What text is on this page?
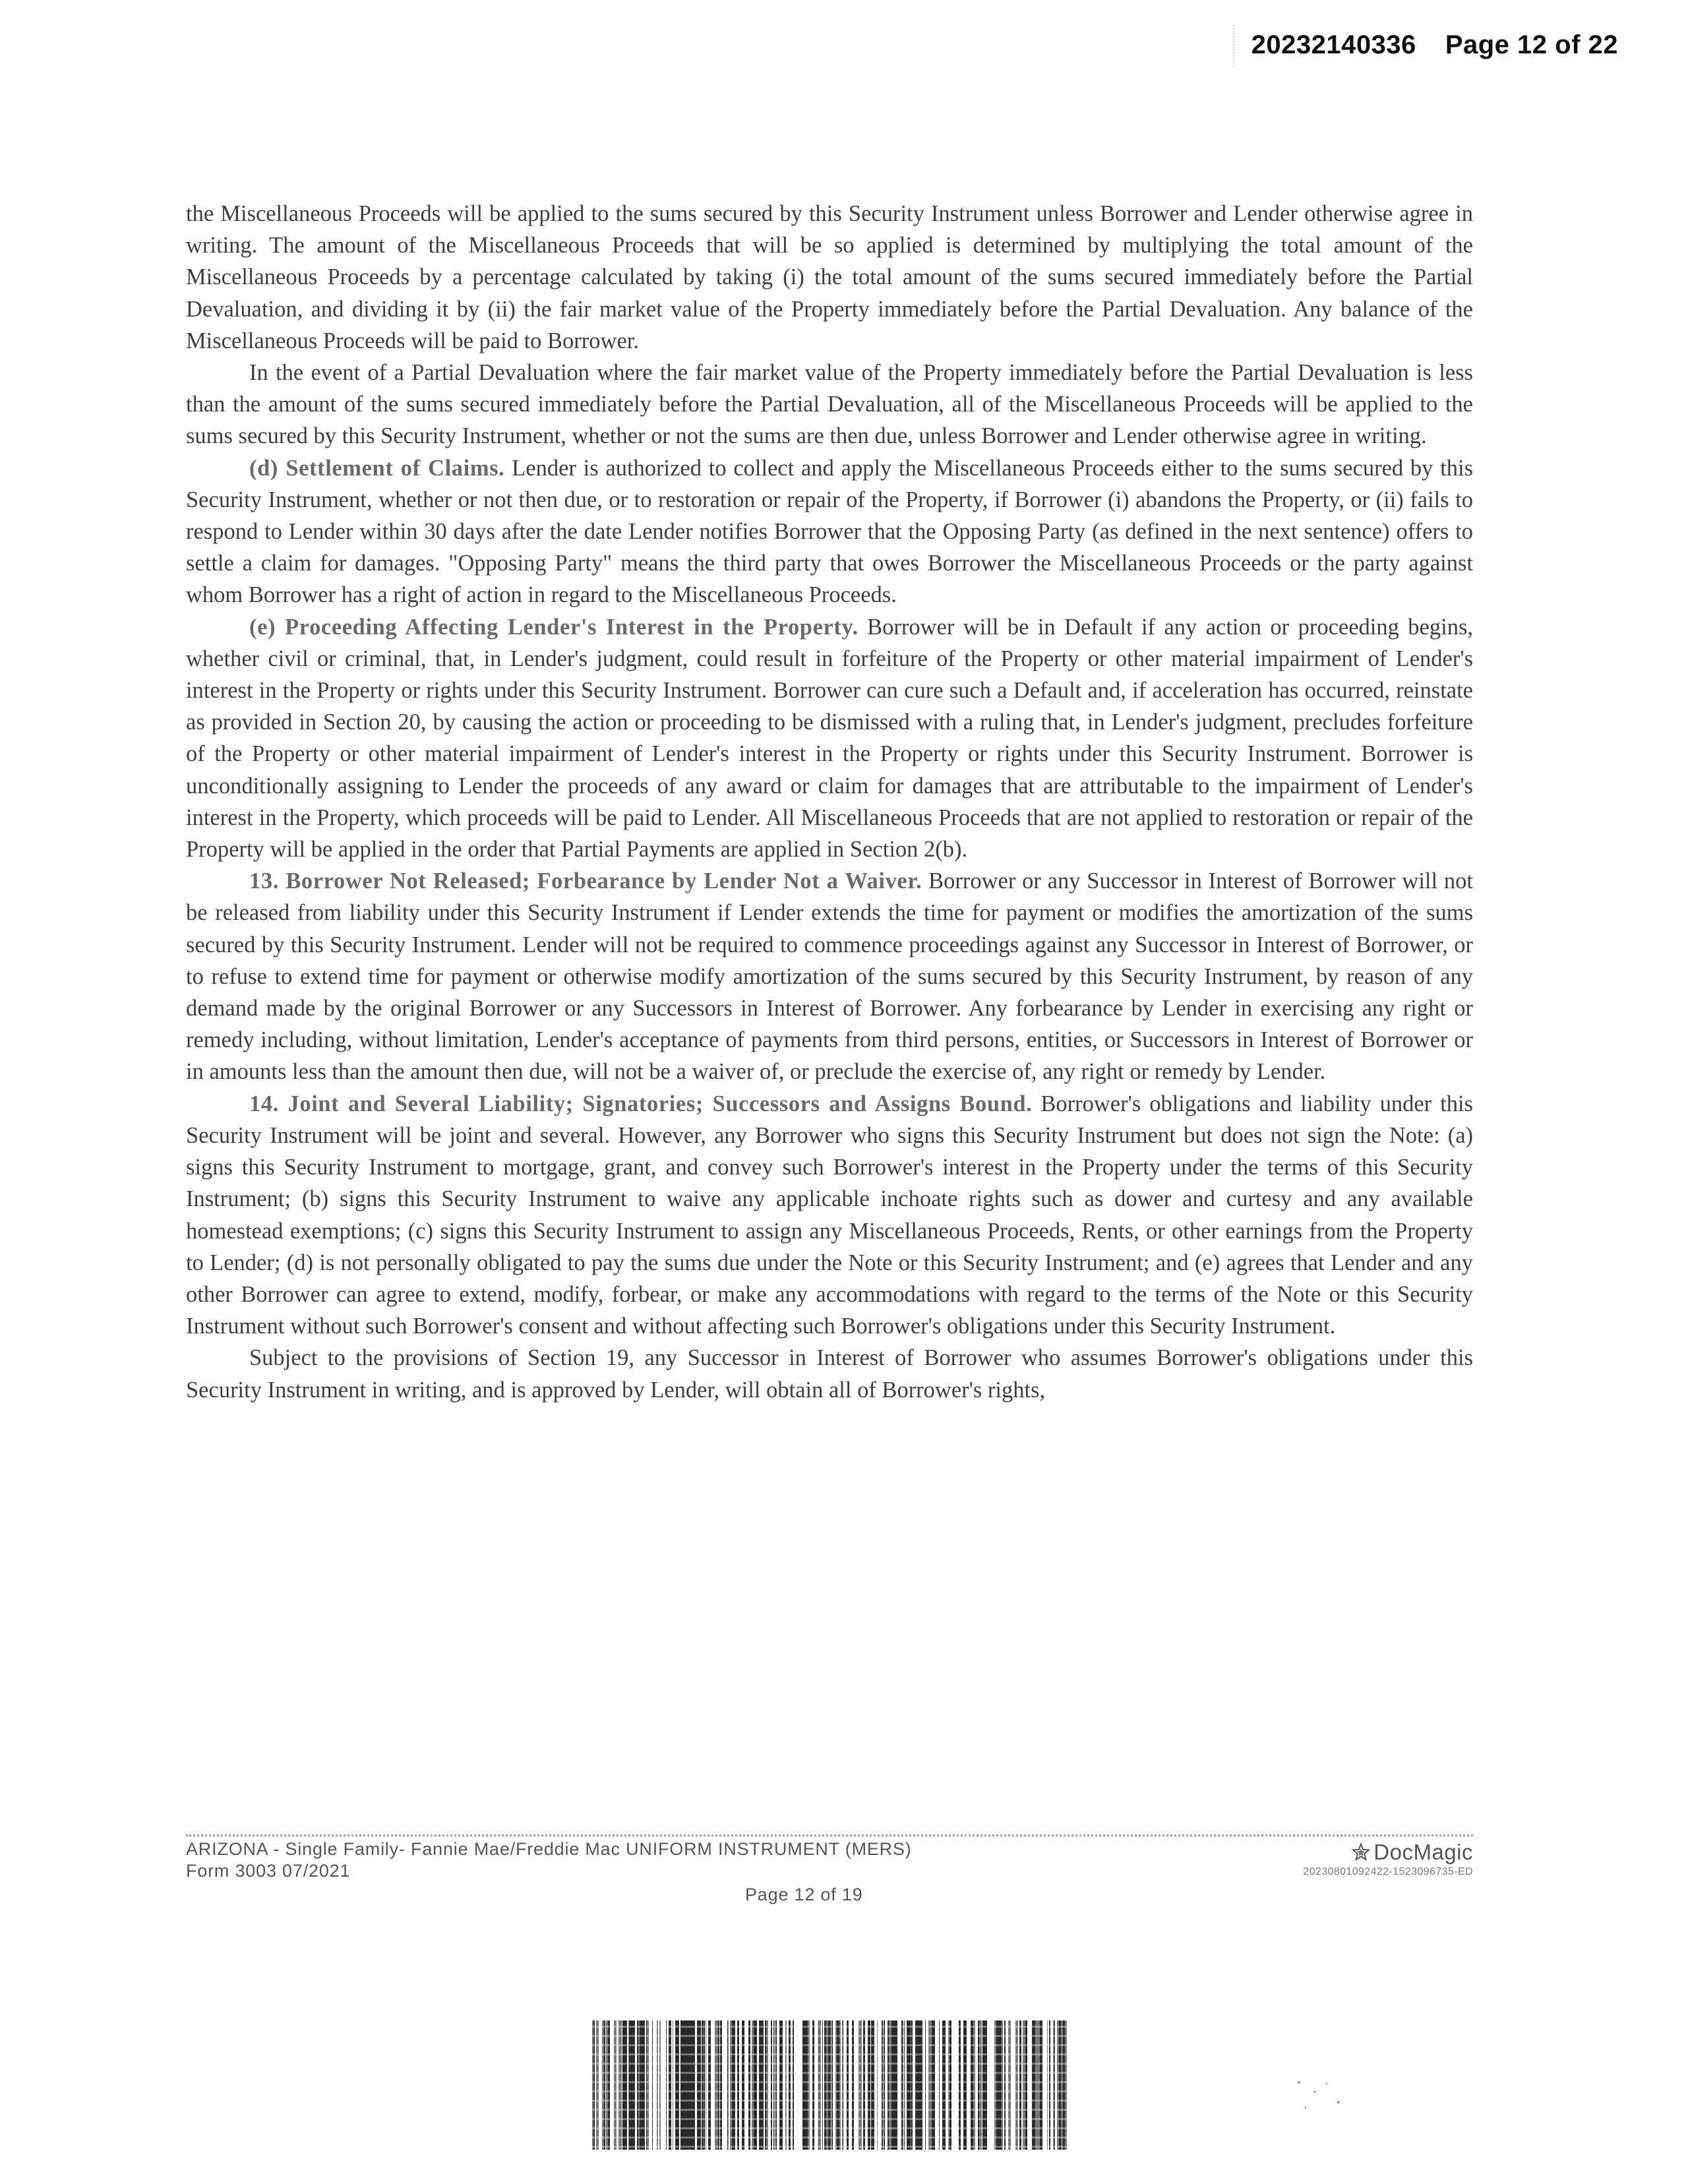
20232140336 Page 12 of 22

the Miscellaneous Proceeds will be applied to the sums secured by this Security Instrument unless Borrower and Lender otherwise agree in writing. The amount of the Miscellaneous Proceeds that will be so applied is determined by multiplying the total amount of the Miscellaneous Proceeds by a percentage calculated by taking (i) the total amount of the sums secured immediately before the Partial Devaluation, and dividing it by (ii) the fair market value of the Property immediately before the Partial Devaluation. Any balance of the Miscellaneous Proceeds will be paid to Borrower.

In the event of a Partial Devaluation where the fair market value of the Property immediately before the Partial Devaluation is less than the amount of the sums secured immediately before the Partial Devaluation, all of the Miscellaneous Proceeds will be applied to the sums secured by this Security Instrument, whether or not the sums are then due, unless Borrower and Lender otherwise agree in writing.

(d) Settlement of Claims. Lender is authorized to collect and apply the Miscellaneous Proceeds either to the sums secured by this Security Instrument, whether or not then due, or to restoration or repair of the Property, if Borrower (i) abandons the Property, or (ii) fails to respond to Lender within 30 days after the date Lender notifies Borrower that the Opposing Party (as defined in the next sentence) offers to settle a claim for damages. "Opposing Party" means the third party that owes Borrower the Miscellaneous Proceeds or the party against whom Borrower has a right of action in regard to the Miscellaneous Proceeds.

(e) Proceeding Affecting Lender's Interest in the Property. Borrower will be in Default if any action or proceeding begins, whether civil or criminal, that, in Lender's judgment, could result in forfeiture of the Property or other material impairment of Lender's interest in the Property or rights under this Security Instrument. Borrower can cure such a Default and, if acceleration has occurred, reinstate as provided in Section 20, by causing the action or proceeding to be dismissed with a ruling that, in Lender's judgment, precludes forfeiture of the Property or other material impairment of Lender's interest in the Property or rights under this Security Instrument. Borrower is unconditionally assigning to Lender the proceeds of any award or claim for damages that are attributable to the impairment of Lender's interest in the Property, which proceeds will be paid to Lender. All Miscellaneous Proceeds that are not applied to restoration or repair of the Property will be applied in the order that Partial Payments are applied in Section 2(b).

13. Borrower Not Released; Forbearance by Lender Not a Waiver. Borrower or any Successor in Interest of Borrower will not be released from liability under this Security Instrument if Lender extends the time for payment or modifies the amortization of the sums secured by this Security Instrument. Lender will not be required to commence proceedings against any Successor in Interest of Borrower, or to refuse to extend time for payment or otherwise modify amortization of the sums secured by this Security Instrument, by reason of any demand made by the original Borrower or any Successors in Interest of Borrower. Any forbearance by Lender in exercising any right or remedy including, without limitation, Lender's acceptance of payments from third persons, entities, or Successors in Interest of Borrower or in amounts less than the amount then due, will not be a waiver of, or preclude the exercise of, any right or remedy by Lender.

14. Joint and Several Liability; Signatories; Successors and Assigns Bound. Borrower's obligations and liability under this Security Instrument will be joint and several. However, any Borrower who signs this Security Instrument but does not sign the Note: (a) signs this Security Instrument to mortgage, grant, and convey such Borrower's interest in the Property under the terms of this Security Instrument; (b) signs this Security Instrument to waive any applicable inchoate rights such as dower and curtesy and any available homestead exemptions; (c) signs this Security Instrument to assign any Miscellaneous Proceeds, Rents, or other earnings from the Property to Lender; (d) is not personally obligated to pay the sums due under the Note or this Security Instrument; and (e) agrees that Lender and any other Borrower can agree to extend, modify, forbear, or make any accommodations with regard to the terms of the Note or this Security Instrument without such Borrower's consent and without affecting such Borrower's obligations under this Security Instrument.

Subject to the provisions of Section 19, any Successor in Interest of Borrower who assumes Borrower's obligations under this Security Instrument in writing, and is approved by Lender, will obtain all of Borrower's rights,

ARIZONA - Single Family- Fannie Mae/Freddie Mac UNIFORM INSTRUMENT (MERS)
Form 3003 07/2021
Page 12 of 19
DocMagic
20230801092422-1523096735-ED
